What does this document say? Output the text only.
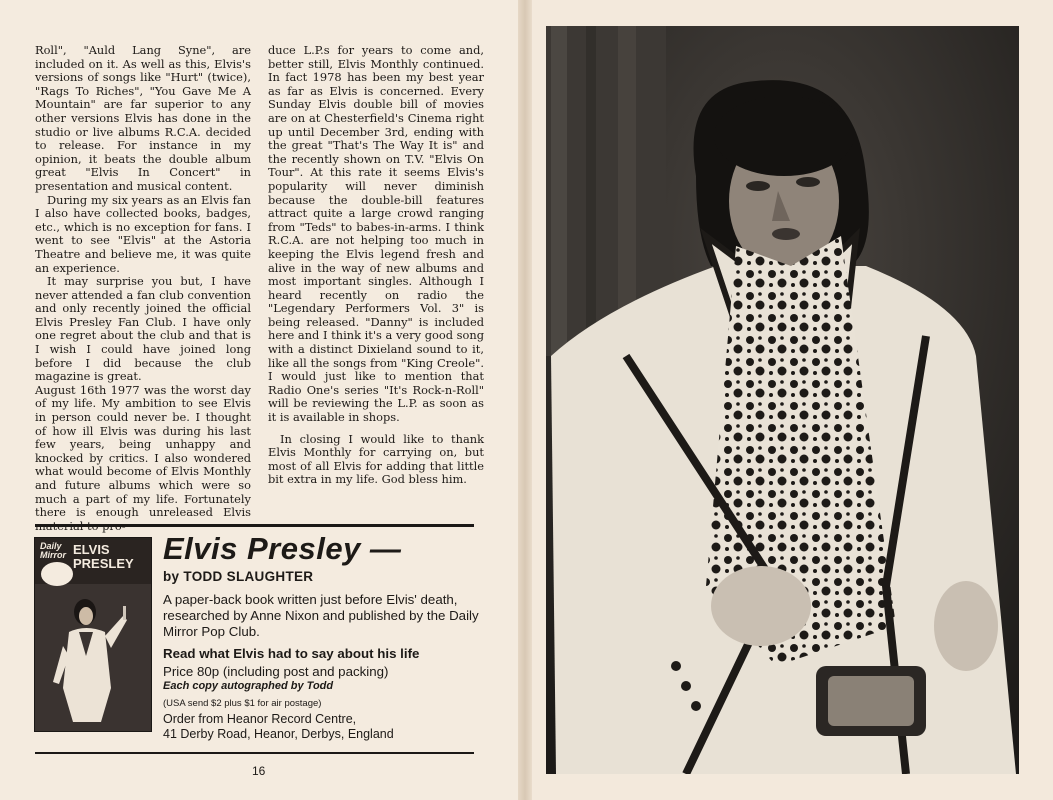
Roll", "Auld Lang Syne", are included on it. As well as this, Elvis's versions of songs like "Hurt" (twice), "Rags To Riches", "You Gave Me A Mountain" are far superior to any other versions Elvis has done in the studio or live albums R.C.A. decided to release. For instance in my opinion, it beats the double album great "Elvis In Concert" in presentation and musical content.

During my six years as an Elvis fan I also have collected books, badges, etc., which is no exception for fans. I went to see "Elvis" at the Astoria Theatre and believe me, it was quite an experience.

It may surprise you but, I have never attended a fan club convention and only recently joined the official Elvis Presley Fan Club. I have only one regret about the club and that is I wish I could have joined long before I did because the club magazine is great.

August 16th 1977 was the worst day of my life. My ambition to see Elvis in person could never be. I thought of how ill Elvis was during his last few years, being unhappy and knocked by critics. I also wondered what would become of Elvis Monthly and future albums which were so much a part of my life. Fortunately there is enough unreleased Elvis

duce L.P.s for years to come and, better still, Elvis Monthly continued. In fact 1978 has been my best year as far as Elvis is concerned. Every Sunday Elvis double bill of movies are on at Chesterfield's Cinema right up until December 3rd, ending with the great "That's The Way It is" and the recently shown on T.V. "Elvis On Tour". At this rate it seems Elvis's popularity will never diminish because the double-bill features attract quite a large crowd ranging from "Teds" to babes-in-arms. I think R.C.A. are not helping too much in keeping the Elvis legend fresh and alive in the way of new albums and most important singles. Although I heard recently on radio the "Legendary Performers Vol. 3" is being released. "Danny" is included here and I think it's a very good song with a distinct Dixieland sound to it, like all the songs from "King Creole". I would just like to mention that Radio One's series "It's Rock-n-Roll" will be reviewing the L.P. as soon as it is available in shops.

In closing I would like to thank Elvis Monthly for carrying on, but most of all Elvis for adding that little bit extra in my life. God bless him.

Daily Mirror ELVIS PRESLEY Elvis Presley —

by TODD SLAUGHTER

A paper-back book written just before Elvis' death, researched by Anne Nixon and published by the Daily Mirror Pop Club.

Read what Elvis had to say about his life

Price 80p (including post and packing)

Each copy autographed by Todd

(USA send $2 plus $1 for air postage)

Order from Heanor Record Centre,

41 Derby Road, Heanor, Derbys, England

16
